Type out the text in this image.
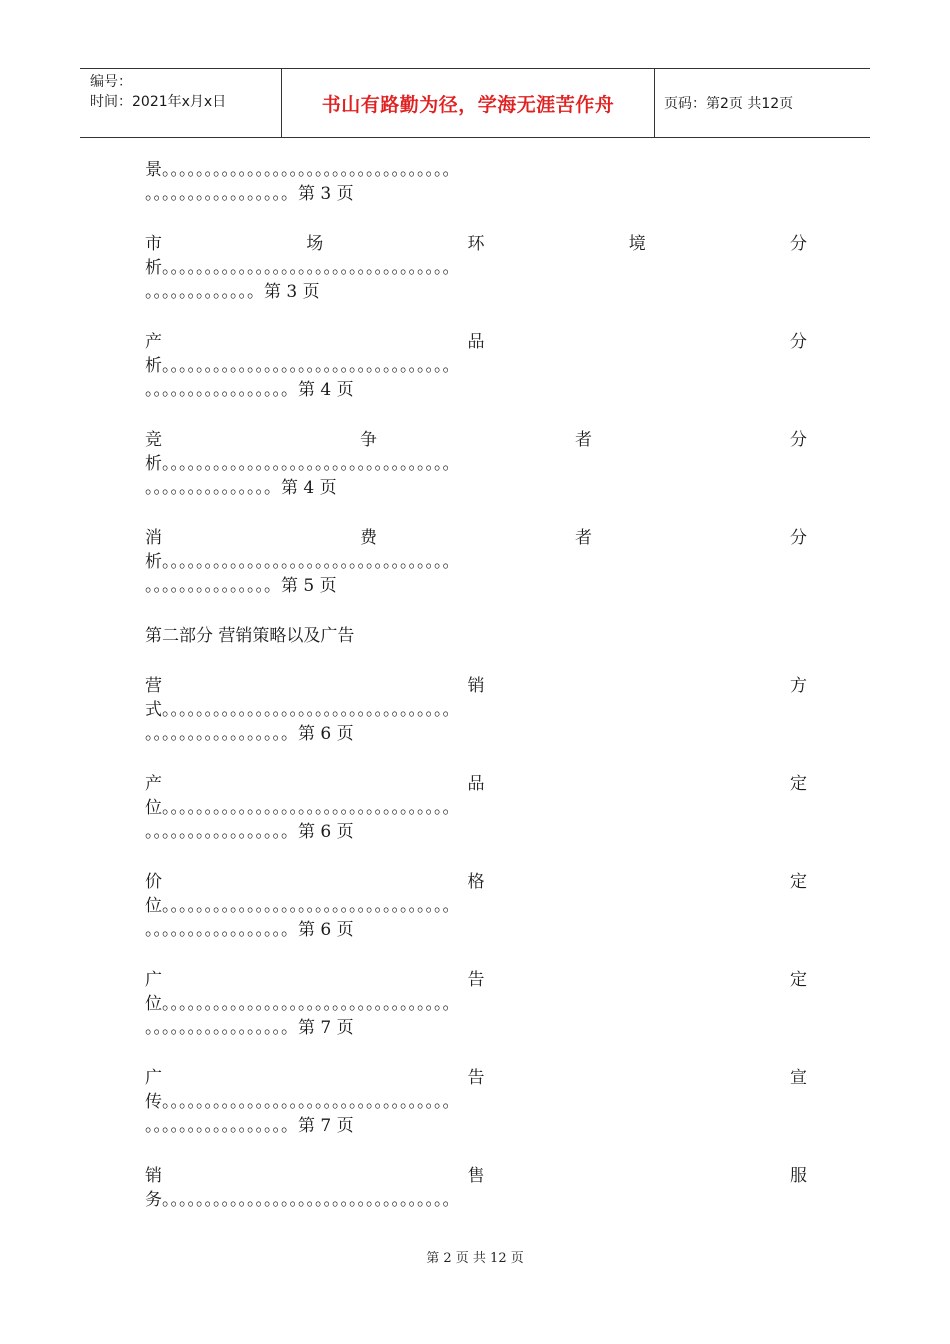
编号：
时间：2021年x月x日	书山有路勤为径，学海无涯苦作舟	页码：第2页 共12页
景。。。。。。。。。。。。。。。。。。。。。。。。。。。。。。。。。。
。。。。。。。。。。。。。。。。。第 3 页
市	场	环	境	分
析。。。。。。。。。。。。。。。。。。。。。。。。。。。。。。。。。。
。。。。。。。。。。。。。第 3 页
产	品	分
析。。。。。。。。。。。。。。。。。。。。。。。。。。。。。。。。。。
。。。。。。。。。。。。。。。。。第 4 页
竞	争	者	分
析。。。。。。。。。。。。。。。。。。。。。。。。。。。。。。。。。。
。。。。。。。。。。。。。。。第 4 页
消	费	者	分
析。。。。。。。。。。。。。。。。。。。。。。。。。。。。。。。。。。
。。。。。。。。。。。。。。。第 5 页
第二部分 营销策略以及广告
营	销	方
式。。。。。。。。。。。。。。。。。。。。。。。。。。。。。。。。。。
。。。。。。。。。。。。。。。。。第 6 页
产	品	定
位。。。。。。。。。。。。。。。。。。。。。。。。。。。。。。。。。。
。。。。。。。。。。。。。。。。。第 6 页
价	格	定
位。。。。。。。。。。。。。。。。。。。。。。。。。。。。。。。。。。
。。。。。。。。。。。。。。。。。第 6 页
广	告	定
位。。。。。。。。。。。。。。。。。。。。。。。。。。。。。。。。。。
。。。。。。。。。。。。。。。。。第 7 页
广	告	宣
传。。。。。。。。。。。。。。。。。。。。。。。。。。。。。。。。。。
。。。。。。。。。。。。。。。。。第 7 页
销	售	服
务。。。。。。。。。。。。。。。。。。。。。。。。。。。。。。。。。。
第 2 页 共 12 页
